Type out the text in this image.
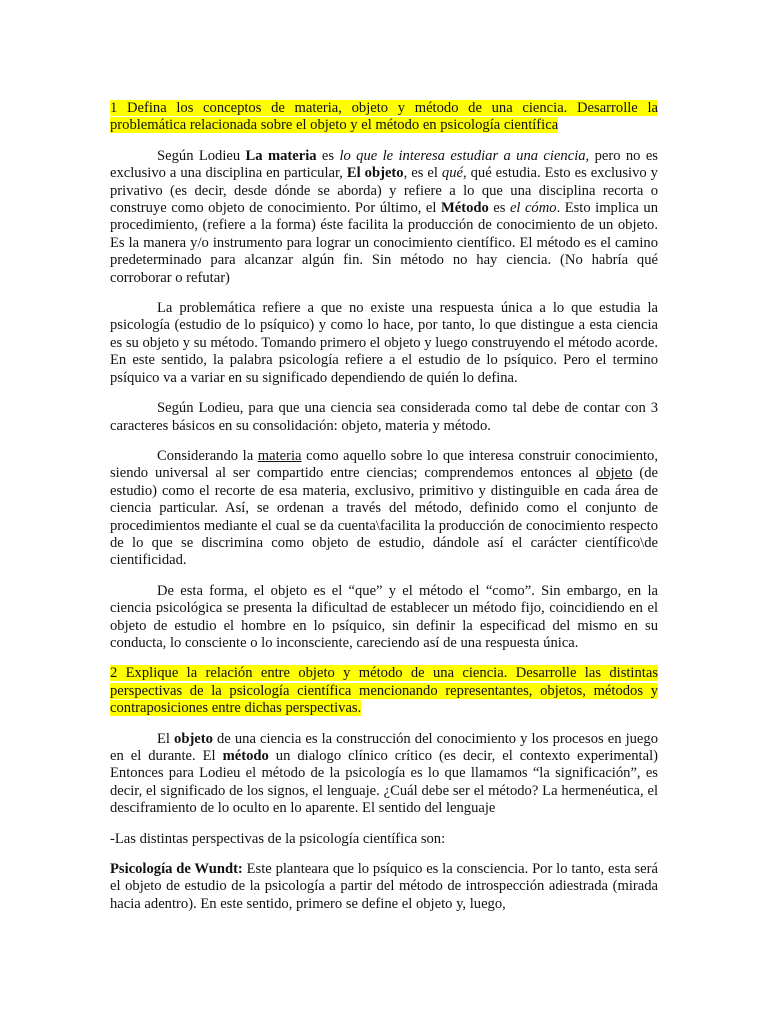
1 Defina los conceptos de materia, objeto y método de una ciencia. Desarrolle la problemática relacionada sobre el objeto y el método en psicología científica

Según Lodieu La materia es lo que le interesa estudiar a una ciencia, pero no es exclusivo a una disciplina en particular, El objeto, es el qué, qué estudia. Esto es exclusivo y privativo (es decir, desde dónde se aborda) y refiere a lo que una disciplina recorta o construye como objeto de conocimiento. Por último, el Método es el cómo. Esto implica un procedimiento, (refiere a la forma) éste facilita la producción de conocimiento de un objeto. Es la manera y/o instrumento para lograr un conocimiento científico. El método es el camino predeterminado para alcanzar algún fin. Sin método no hay ciencia. (No habría qué corroborar o refutar)

La problemática refiere a que no existe una respuesta única a lo que estudia la psicología (estudio de lo psíquico) y como lo hace, por tanto, lo que distingue a esta ciencia es su objeto y su método. Tomando primero el objeto y luego construyendo el método acorde. En este sentido, la palabra psicología refiere a el estudio de lo psíquico. Pero el termino psíquico va a variar en su significado dependiendo de quién lo defina.

Según Lodieu, para que una ciencia sea considerada como tal debe de contar con 3 caracteres básicos en su consolidación: objeto, materia y método.

Considerando la materia como aquello sobre lo que interesa construir conocimiento, siendo universal al ser compartido entre ciencias; comprendemos entonces al objeto (de estudio) como el recorte de esa materia, exclusivo, primitivo y distinguible en cada área de ciencia particular. Así, se ordenan a través del método, definido como el conjunto de procedimientos mediante el cual se da cuenta\facilita la producción de conocimiento respecto de lo que se discrimina como objeto de estudio, dándole así el carácter científico\de cientificidad.

De esta forma, el objeto es el “que” y el método el “como”. Sin embargo, en la ciencia psicológica se presenta la dificultad de establecer un método fijo, coincidiendo en el objeto de estudio el hombre en lo psíquico, sin definir la especificad del mismo en su conducta, lo consciente o lo inconsciente, careciendo así de una respuesta única.

2 Explique la relación entre objeto y método de una ciencia. Desarrolle las distintas perspectivas de la psicología científica mencionando representantes, objetos, métodos y contraposiciones entre dichas perspectivas.

El objeto de una ciencia es la construcción del conocimiento y los procesos en juego en el durante. El método un dialogo clínico crítico (es decir, el contexto experimental) Entonces para Lodieu el método de la psicología es lo que llamamos “la significación”, es decir, el significado de los signos, el lenguaje. ¿Cuál debe ser el método? La hermenéutica, el desciframiento de lo oculto en lo aparente. El sentido del lenguaje

-Las distintas perspectivas de la psicología científica son:

Psicología de Wundt: Este planteara que lo psíquico es la consciencia. Por lo tanto, esta será el objeto de estudio de la psicología a partir del método de introspección adiestrada (mirada hacia adentro). En este sentido, primero se define el objeto y, luego,
